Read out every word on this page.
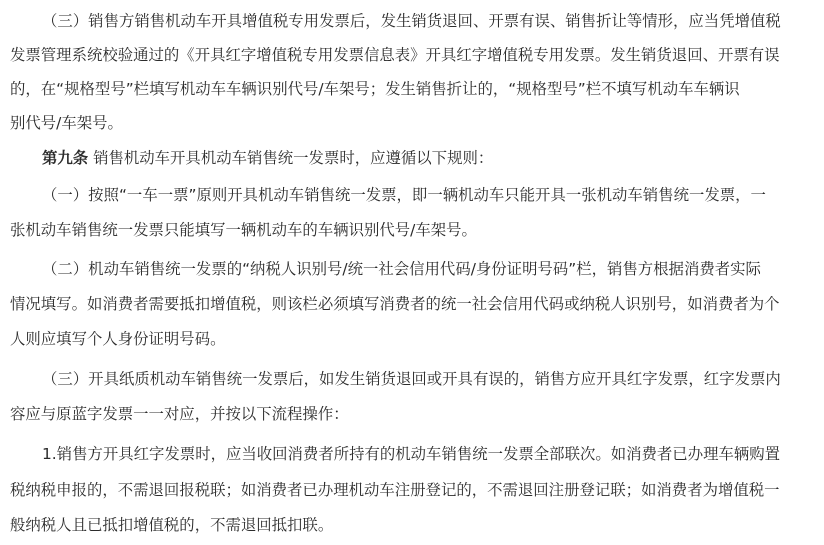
（三）销售方销售机动车开具增值税专用发票后，发生销货退回、开票有误、销售折让等情形，应当凭增值税
发票管理系统校验通过的《开具红字增值税专用发票信息表》开具红字增值税专用发票。发生销货退回、开票有误
的，在“规格型号”栏填写机动车车辆识别代号/车架号；发生销售折让的，“规格型号”栏不填写机动车车辆识
别代号/车架号。
第九条 销售机动车开具机动车销售统一发票时，应遵循以下规则：
（一）按照“一车一票”原则开具机动车销售统一发票，即一辆机动车只能开具一张机动车销售统一发票，一
张机动车销售统一发票只能填写一辆机动车的车辆识别代号/车架号。
（二）机动车销售统一发票的“纳税人识别号/统一社会信用代码/身份证明号码”栏，销售方根据消费者实际
情况填写。如消费者需要抵扣增值税，则该栏必须填写消费者的统一社会信用代码或纳税人识别号，如消费者为个
人则应填写个人身份证明号码。
（三）开具纸质机动车销售统一发票后，如发生销货退回或开具有误的，销售方应开具红字发票，红字发票内
容应与原蓝字发票一一对应，并按以下流程操作：
1.销售方开具红字发票时，应当收回消费者所持有的机动车销售统一发票全部联次。如消费者已办理车辆购置
税纳税申报的，不需退回报税联；如消费者已办理机动车注册登记的，不需退回注册登记联；如消费者为增值税一
般纳税人且已抵扣增值税的，不需退回抵扣联。
